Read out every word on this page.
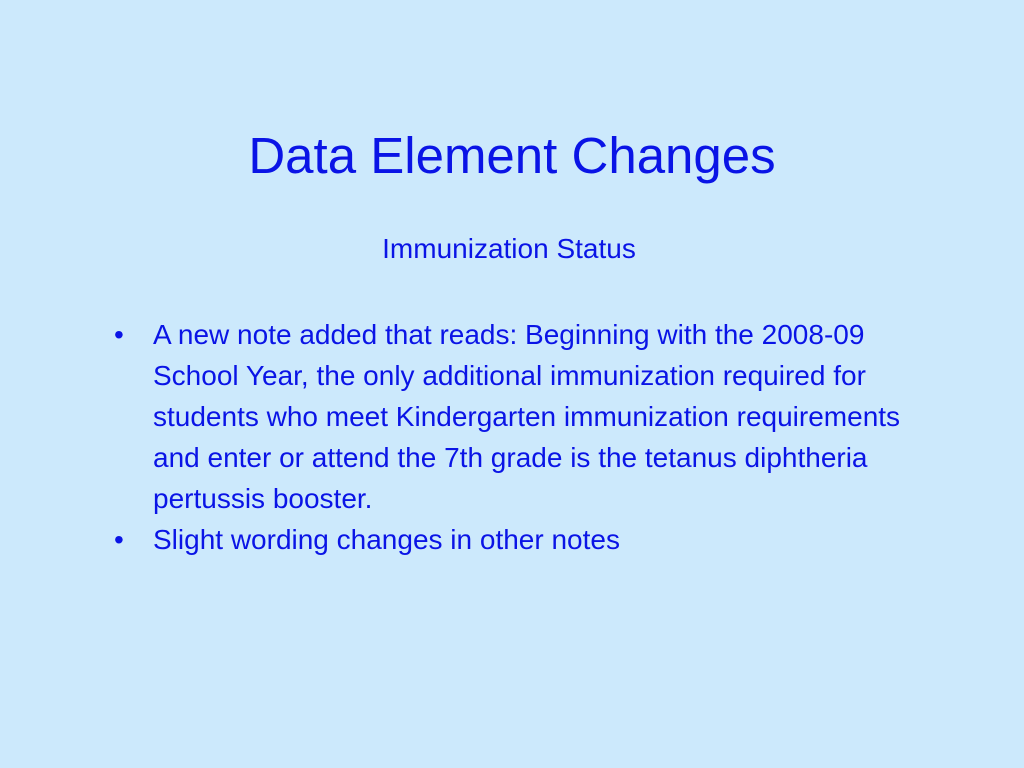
Data Element Changes
Immunization Status
• A new note added that reads: Beginning with the 2008-09 School Year, the only additional immunization required for students who meet Kindergarten immunization requirements and enter or attend the 7th grade is the tetanus diphtheria pertussis booster.
• Slight wording changes in other notes
